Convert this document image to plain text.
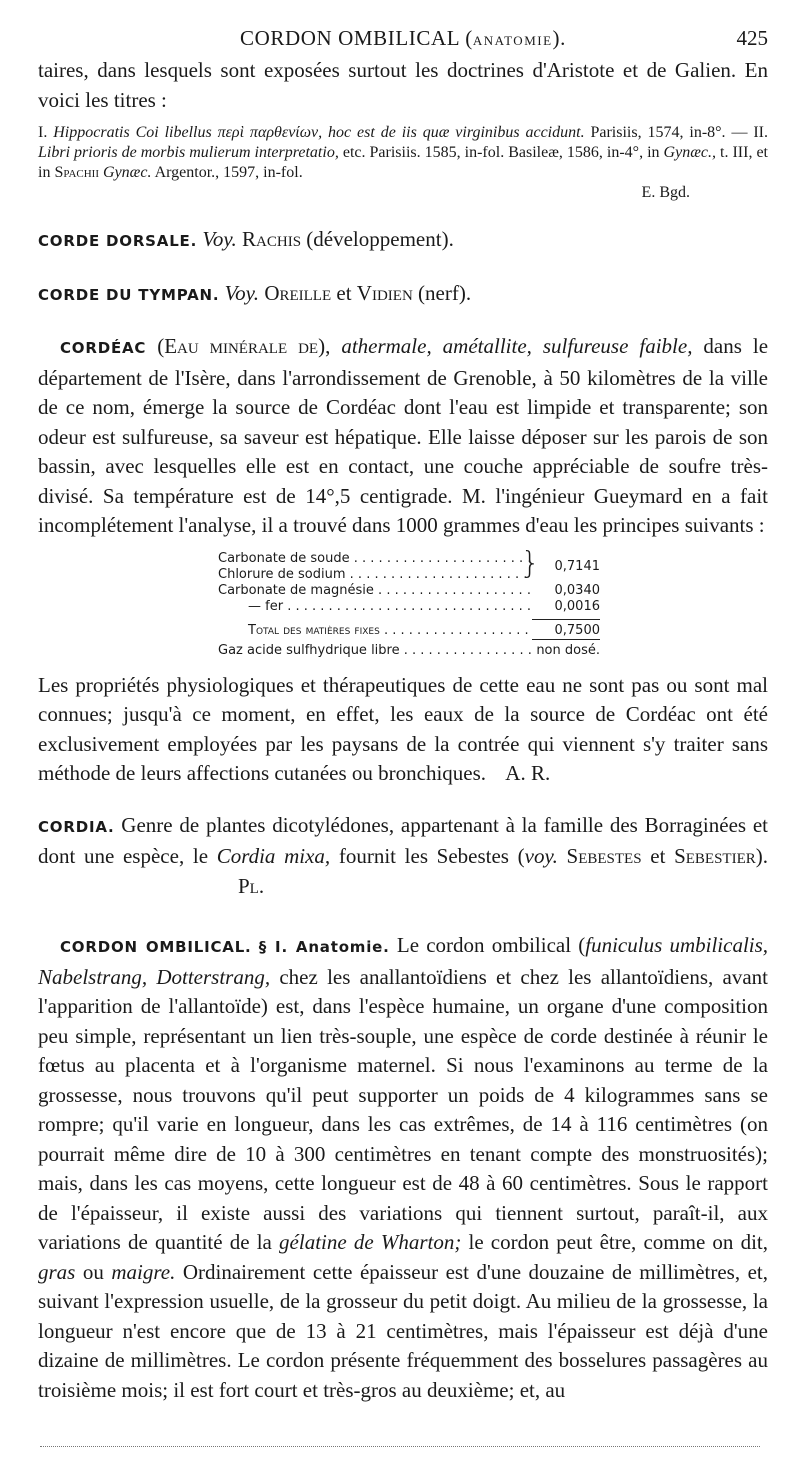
CORDON OMBILICAL (ANATOMIE).	425

taires, dans lesquels sont exposées surtout les doctrines d'Aristote et de Galien. En voici les titres :

I. Hippocratis Coi libellus περὶ παρθενίων, hoc est de iis quæ virginibus accidunt. Parisiis, 1574, in-8°. — II. Libri prioris de morbis mulierum interpretatio, etc. Parisiis. 1585, in-fol. Basileæ, 1586, in-4°, in Gynæc., t. III, et in Spachii Gynæc. Argentor., 1597, in-fol.

E. Bgd.

CORDE DORSALE. Voy. Rachis (développement).

CORDE DU TYMPAN. Voy. Oreille et Vidien (nerf).

CORDÉAC (Eau minérale de), athermale, amétallite, sulfureuse faible, dans le département de l'Isère, dans l'arrondissement de Grenoble, à 50 kilomètres de la ville de ce nom, émerge la source de Cordéac dont l'eau est limpide et transparente; son odeur est sulfureuse, sa saveur est hépatique. Elle laisse déposer sur les parois de son bassin, avec lesquelles elle est en contact, une couche appréciable de soufre très-divisé. Sa température est de 14°,5 centigrade. M. l'ingénieur Gueymard en a fait incomplétement l'analyse, il a trouvé dans 1000 grammes d'eau les principes suivants :

Carbonate de soude . . .
Chlorure de sodium . . .	}	0,7141
Carbonate de magnésie . . .	0,0340
— fer . . .	0,0016
Total des matières fixes . . .	0,7500
Gaz acide sulfhydrique libre . . .	non dosé.

Les propriétés physiologiques et thérapeutiques de cette eau ne sont pas ou sont mal connues; jusqu'à ce moment, en effet, les eaux de la source de Cordéac ont été exclusivement employées par les paysans de la contrée qui viennent s'y traiter sans méthode de leurs affections cutanées ou bronchiques. A. R.

CORDIA. Genre de plantes dicotylédones, appartenant à la famille des Borraginées et dont une espèce, le Cordia mixa, fournit les Sebestes (voy. Sebestes et Sebestier). Pl.

CORDON OMBILICAL. § I. Anatomie. Le cordon ombilical (funiculus umbilicalis, Nabelstrang, Dotterstrang, chez les anallantoïdiens et chez les allantoïdiens, avant l'apparition de l'allantoïde) est, dans l'espèce humaine, un organe d'une composition peu simple, représentant un lien très-souple, une espèce de corde destinée à réunir le fœtus au placenta et à l'organisme maternel. Si nous l'examinons au terme de la grossesse, nous trouvons qu'il peut supporter un poids de 4 kilogrammes sans se rompre; qu'il varie en longueur, dans les cas extrêmes, de 14 à 116 centimètres (on pourrait même dire de 10 à 300 centimètres en tenant compte des monstruosités); mais, dans les cas moyens, cette longueur est de 48 à 60 centimètres. Sous le rapport de l'épaisseur, il existe aussi des variations qui tiennent surtout, paraît-il, aux variations de quantité de la gélatine de Wharton; le cordon peut être, comme on dit, gras ou maigre. Ordinairement cette épaisseur est d'une douzaine de millimètres, et, suivant l'expression usuelle, de la grosseur du petit doigt. Au milieu de la grossesse, la longueur n'est encore que de 13 à 21 centimètres, mais l'épaisseur est déjà d'une dizaine de millimètres. Le cordon présente fréquemment des bosselures passagères au troisième mois; il est fort court et très-gros au deuxième; et, au
